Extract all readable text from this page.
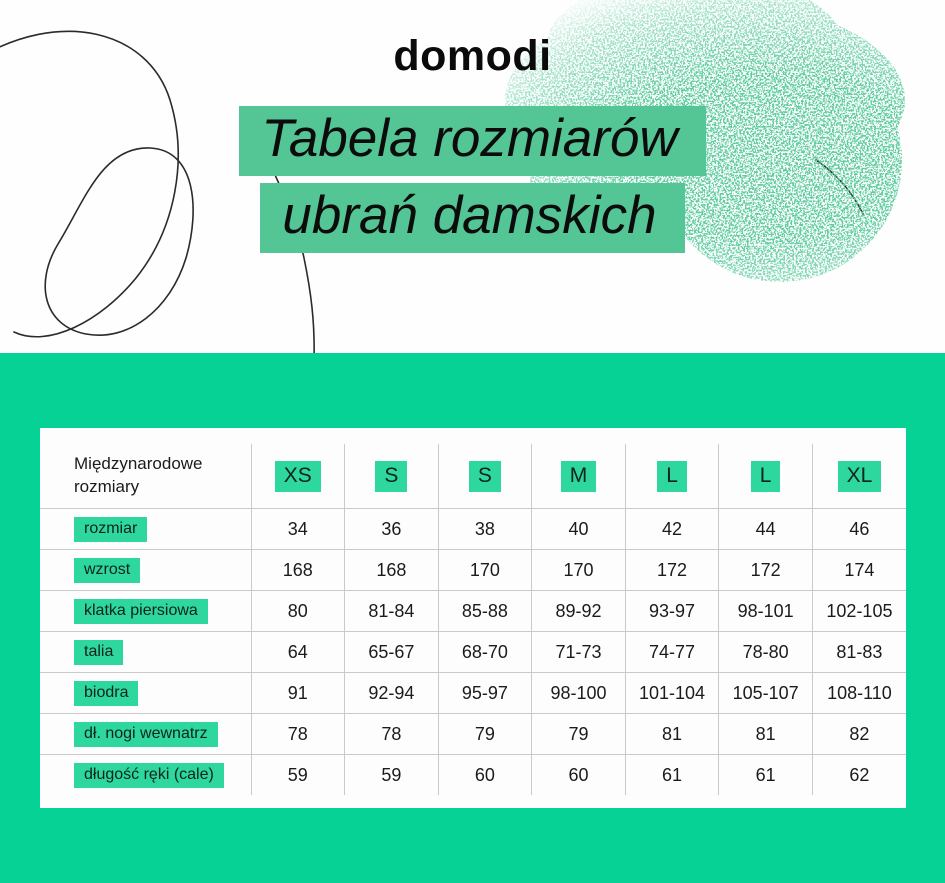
domodi
Tabela rozmiarów
ubrań damskich
Międzynarodowe rozmiary	XS	S	S	M	L	L	XL
rozmiar	34	36	38	40	42	44	46
wzrost	168	168	170	170	172	172	174
klatka piersiowa	80	81-84	85-88	89-92	93-97	98-101	102-105
talia	64	65-67	68-70	71-73	74-77	78-80	81-83
biodra	91	92-94	95-97	98-100	101-104	105-107	108-110
dł. nogi wewnatrz	78	78	79	79	81	81	82
długość ręki (cale)	59	59	60	60	61	61	62
